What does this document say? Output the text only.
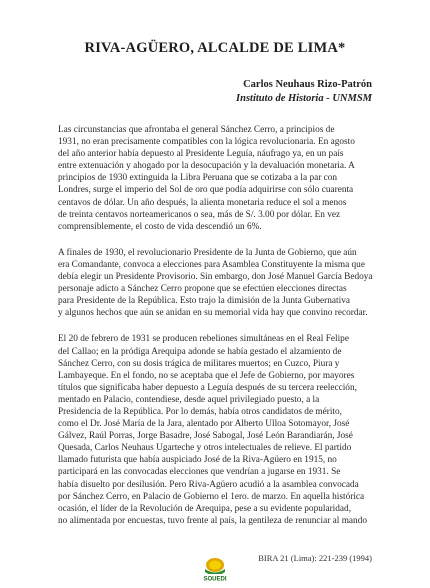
RIVA-AGÜERO, ALCALDE DE LIMA*
Carlos Neuhaus Rizo-Patrón
Instituto de Historia - UNMSM
Las circunstancias que afrontaba el general Sánchez Cerro, a principios de
1931, no eran precisamente compatibles con la lógica revolucionaria. En agosto
del año anterior había depuesto al Presidente Leguía, náufrago ya, en un país
entre extenuación y ahogado por la desocupación y la devaluación monetaria. A
principios de 1930 extinguida la Libra Peruana que se cotizaba a la par con
Londres, surge el imperio del Sol de oro que podía adquirirse con sólo cuarenta
centavos de dólar. Un año después, la alienta monetaria reduce el sol a menos
de treinta centavos norteamericanos o sea, más de S/. 3.00 por dólar. En vez
comprensiblemente, el costo de vida descendió un 6%.
A finales de 1930, el revolucionario Presidente de la Junta de Gobierno, que aún
era Comandante, convoca a elecciones para Asamblea Constituyente la misma que
debía elegir un Presidente Provisorio. Sin embargo, don José Manuel García Bedoya
personaje adicto a Sánchez Cerro propone que se efectúen elecciones directas
para Presidente de la República. Esto trajo la dimisión de la Junta Gubernativa
y algunos hechos que aún se anidan en su memorial vida hay que convino recordar.
El 20 de febrero de 1931 se producen rebeliones simultáneas en el Real Felipe
del Callao; en la pródiga Arequipa adonde se había gestado el alzamiento de
Sánchez Cerro, con su dosis trágica de militares muertos; en Cuzco, Piura y
Lambayeque. En el fondo, no se aceptaba que el Jefe de Gobierno, por mayores
títulos que significaba haber depuesto a Leguía después de su tercera reelección,
mentado en Palacio, contendiese, desde aquel privilegiado puesto, a la
Presidencia de la República. Por lo demás, había otros candidatos de mérito,
como el Dr. José María de la Jara, alentado por Alberto Ulloa Sotomayor, José
Gálvez, Raúl Porras, Jorge Basadre, José Sabogal, José León Barandiarán, José
Quesada, Carlos Neuhaus Ugarteche y otros intelectuales de relieve. El partido
llamado futurista que había auspiciado José de la Riva-Agüero en 1915, no
participará en las convocadas elecciones que vendrían a jugarse en 1931. Se
había disuelto por desilusión. Pero Riva-Agüero acudió a la asamblea convocada
por Sánchez Cerro, en Palacio de Gobierno el 1ero. de marzo. En aquella histórica
ocasión, el líder de la Revolución de Arequipa, pese a su evidente popularidad,
no alimentada por encuestas, tuvo frente al país, la gentileza de renunciar al mando
BIRA 21 (Lima): 221-239 (1994)
SOUEDI
